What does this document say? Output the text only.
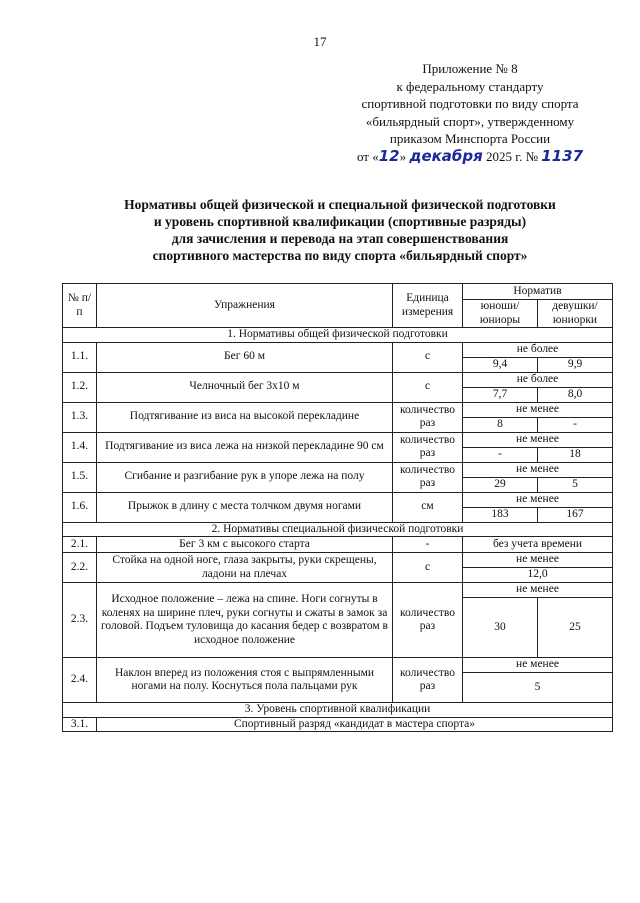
17
Приложение № 8
к федеральному стандарту
спортивной подготовки по виду спорта
«бильярдный спорт», утвержденному
приказом Минспорта России
от «12» декабря 2025 г. № 1137
Нормативы общей физической и специальной физической подготовки
и уровень спортивной квалификации (спортивные разряды)
для зачисления и перевода на этап совершенствования
спортивного мастерства по виду спорта «бильярдный спорт»
№ п/п	Упражнения	Единица измерения	Норматив	
			юноши/ юниоры	девушки/ юниорки
1. Нормативы общей физической подготовки				
1.1.	Бег 60 м	с	не более	
			9,4	9,9
1.2.	Челночный бег 3х10 м	с	не более	
			7,7	8,0
1.3.	Подтягивание из виса на высокой перекладине	количество раз	не менее	
			8	-
1.4.	Подтягивание из виса лежа на низкой перекладине 90 см	количество раз	не менее	
			-	18
1.5.	Сгибание и разгибание рук в упоре лежа на полу	количество раз	не менее	
			29	5
1.6.	Прыжок в длину с места толчком двумя ногами	см	не менее	
			183	167
2. Нормативы специальной физической подготовки				
2.1.	Бег 3 км с высокого старта	-	без учета времени	
2.2.	Стойка на одной ноге, глаза закрыты, руки скрещены, ладони на плечах	с	не менее	
			12,0	
2.3.	Исходное положение – лежа на спине. Ноги согнуты в коленях на ширине плеч, руки согнуты и сжаты в замок за головой. Подъем туловища до касания бедер с возвратом в исходное положение	количество раз	не менее	
			30	25
2.4.	Наклон вперед из положения стоя с выпрямленными ногами на полу. Коснуться пола пальцами рук	количество раз	не менее	
			5	
3. Уровень спортивной квалификации				
3.1.	Спортивный разряд «кандидат в мастера спорта»			
